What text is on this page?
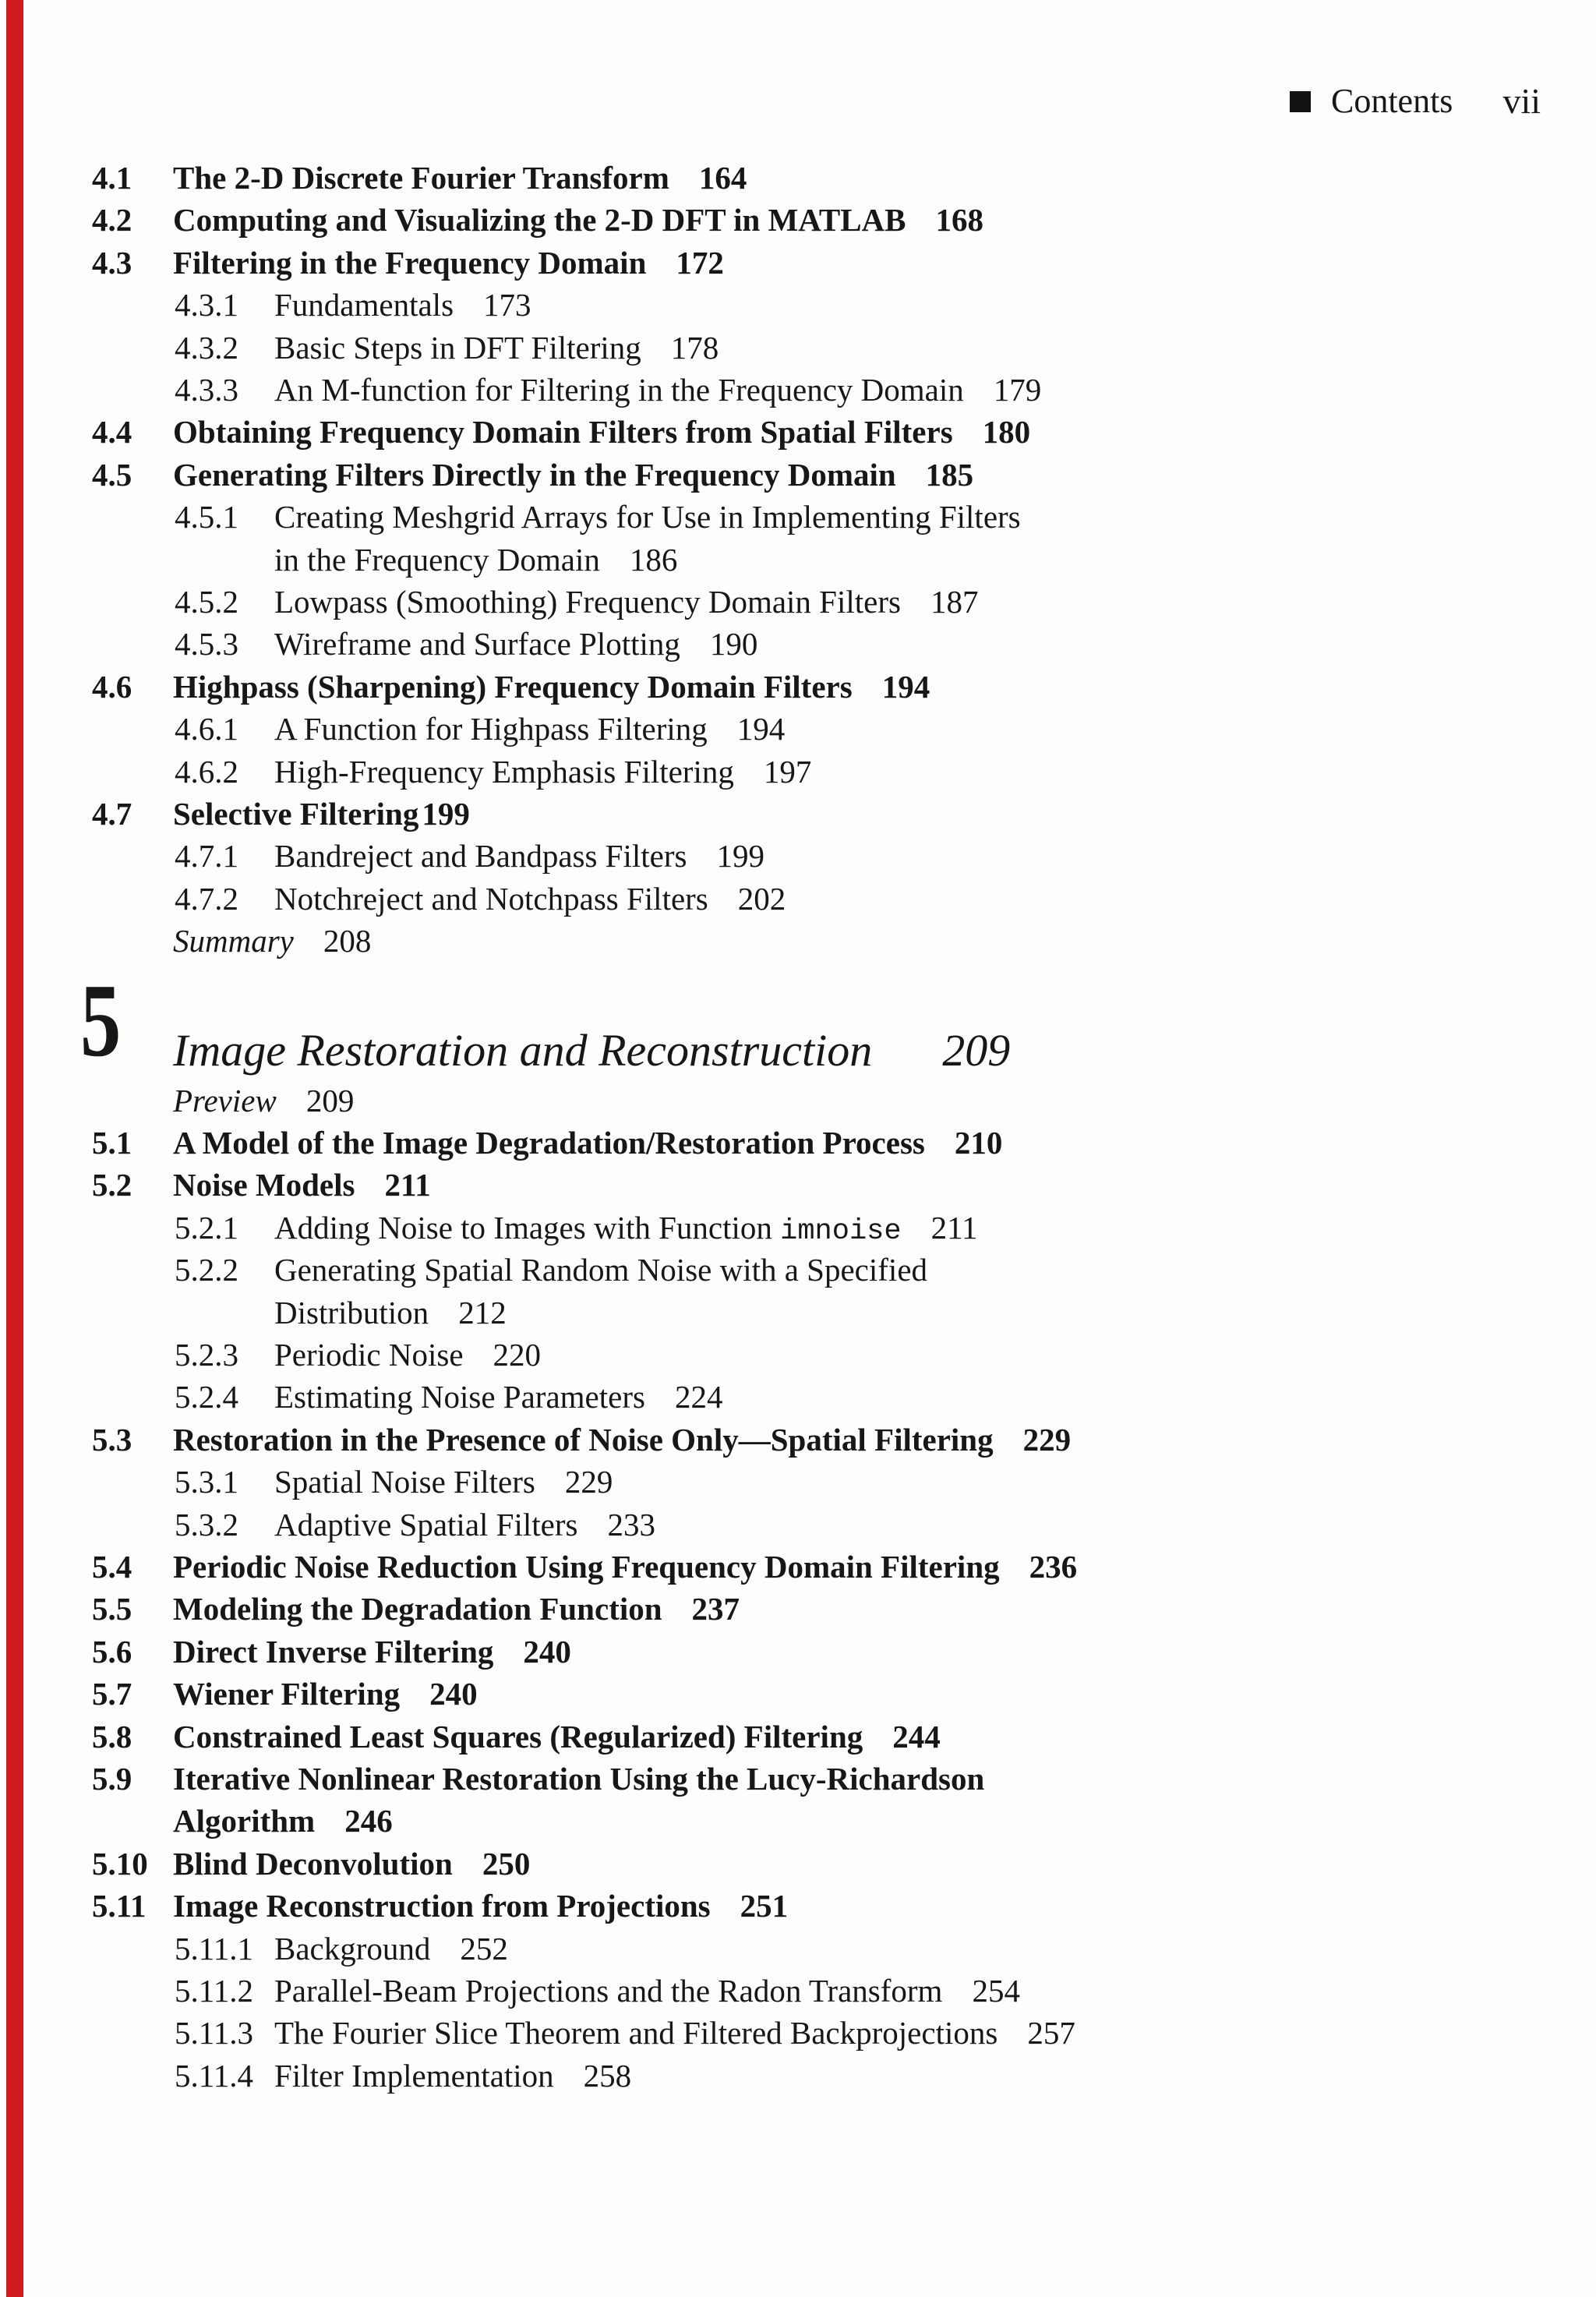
Contents vii
4.1 The 2-D Discrete Fourier Transform 164
4.2 Computing and Visualizing the 2-D DFT in MATLAB 168
4.3 Filtering in the Frequency Domain 172
4.3.1 Fundamentals 173
4.3.2 Basic Steps in DFT Filtering 178
4.3.3 An M-function for Filtering in the Frequency Domain 179
4.4 Obtaining Frequency Domain Filters from Spatial Filters 180
4.5 Generating Filters Directly in the Frequency Domain 185
4.5.1 Creating Meshgrid Arrays for Use in Implementing Filters
in the Frequency Domain 186
4.5.2 Lowpass (Smoothing) Frequency Domain Filters 187
4.5.3 Wireframe and Surface Plotting 190
4.6 Highpass (Sharpening) Frequency Domain Filters 194
4.6.1 A Function for Highpass Filtering 194
4.6.2 High-Frequency Emphasis Filtering 197
4.7 Selective Filtering199
4.7.1 Bandreject and Bandpass Filters 199
4.7.2 Notchreject and Notchpass Filters 202
Summary 208
5 Image Restoration and Reconstruction 209
Preview 209
5.1 A Model of the Image Degradation/Restoration Process 210
5.2 Noise Models 211
5.2.1 Adding Noise to Images with Function imnoise 211
5.2.2 Generating Spatial Random Noise with a Specified
Distribution 212
5.2.3 Periodic Noise 220
5.2.4 Estimating Noise Parameters 224
5.3 Restoration in the Presence of Noise Only—Spatial Filtering 229
5.3.1 Spatial Noise Filters 229
5.3.2 Adaptive Spatial Filters 233
5.4 Periodic Noise Reduction Using Frequency Domain Filtering 236
5.5 Modeling the Degradation Function 237
5.6 Direct Inverse Filtering 240
5.7 Wiener Filtering 240
5.8 Constrained Least Squares (Regularized) Filtering 244
5.9 Iterative Nonlinear Restoration Using the Lucy-Richardson
Algorithm 246
5.10 Blind Deconvolution 250
5.11 Image Reconstruction from Projections 251
5.11.1 Background 252
5.11.2 Parallel-Beam Projections and the Radon Transform 254
5.11.3 The Fourier Slice Theorem and Filtered Backprojections 257
5.11.4 Filter Implementation 258
